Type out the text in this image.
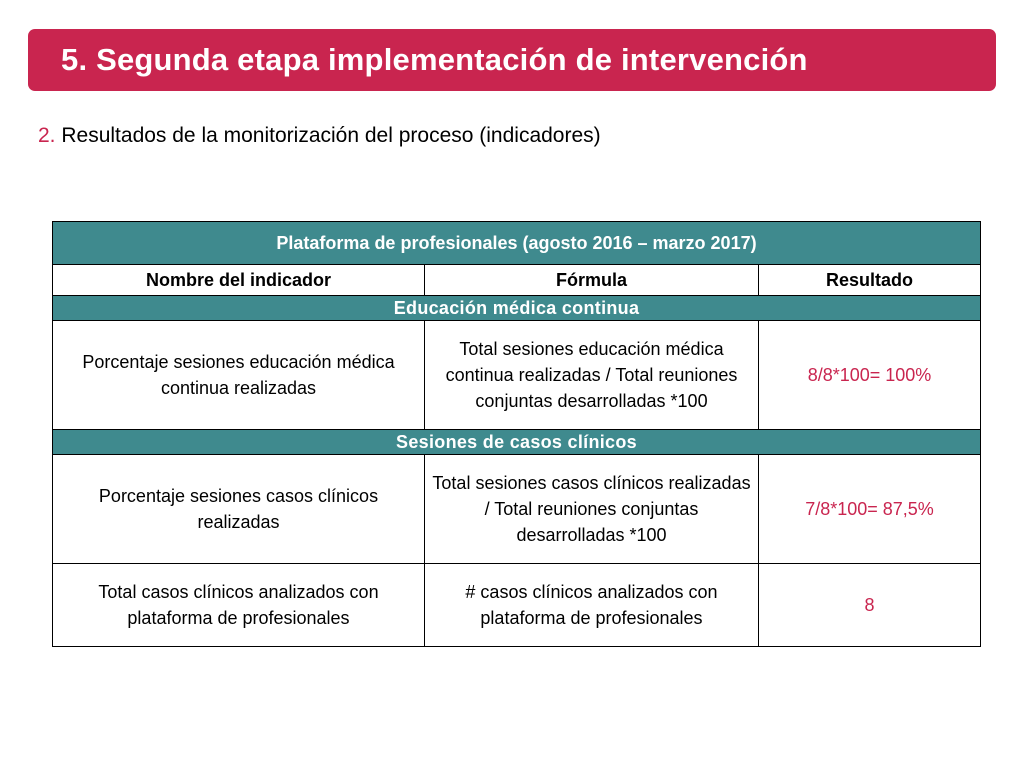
5. Segunda etapa implementación de intervención
2. Resultados de la monitorización del proceso (indicadores)
Plataforma de profesionales (agosto 2016 – marzo 2017)		
Nombre del indicador	Fórmula	Resultado
Educación médica continua		
Porcentaje sesiones educación médica continua realizadas	Total sesiones educación médica continua realizadas / Total reuniones conjuntas desarrolladas *100	8/8*100= 100%
Sesiones de casos clínicos		
Porcentaje sesiones casos clínicos realizadas	Total sesiones casos clínicos realizadas / Total reuniones conjuntas desarrolladas *100	7/8*100= 87,5%
Total casos clínicos analizados con plataforma de profesionales	# casos clínicos analizados con plataforma de profesionales	8
